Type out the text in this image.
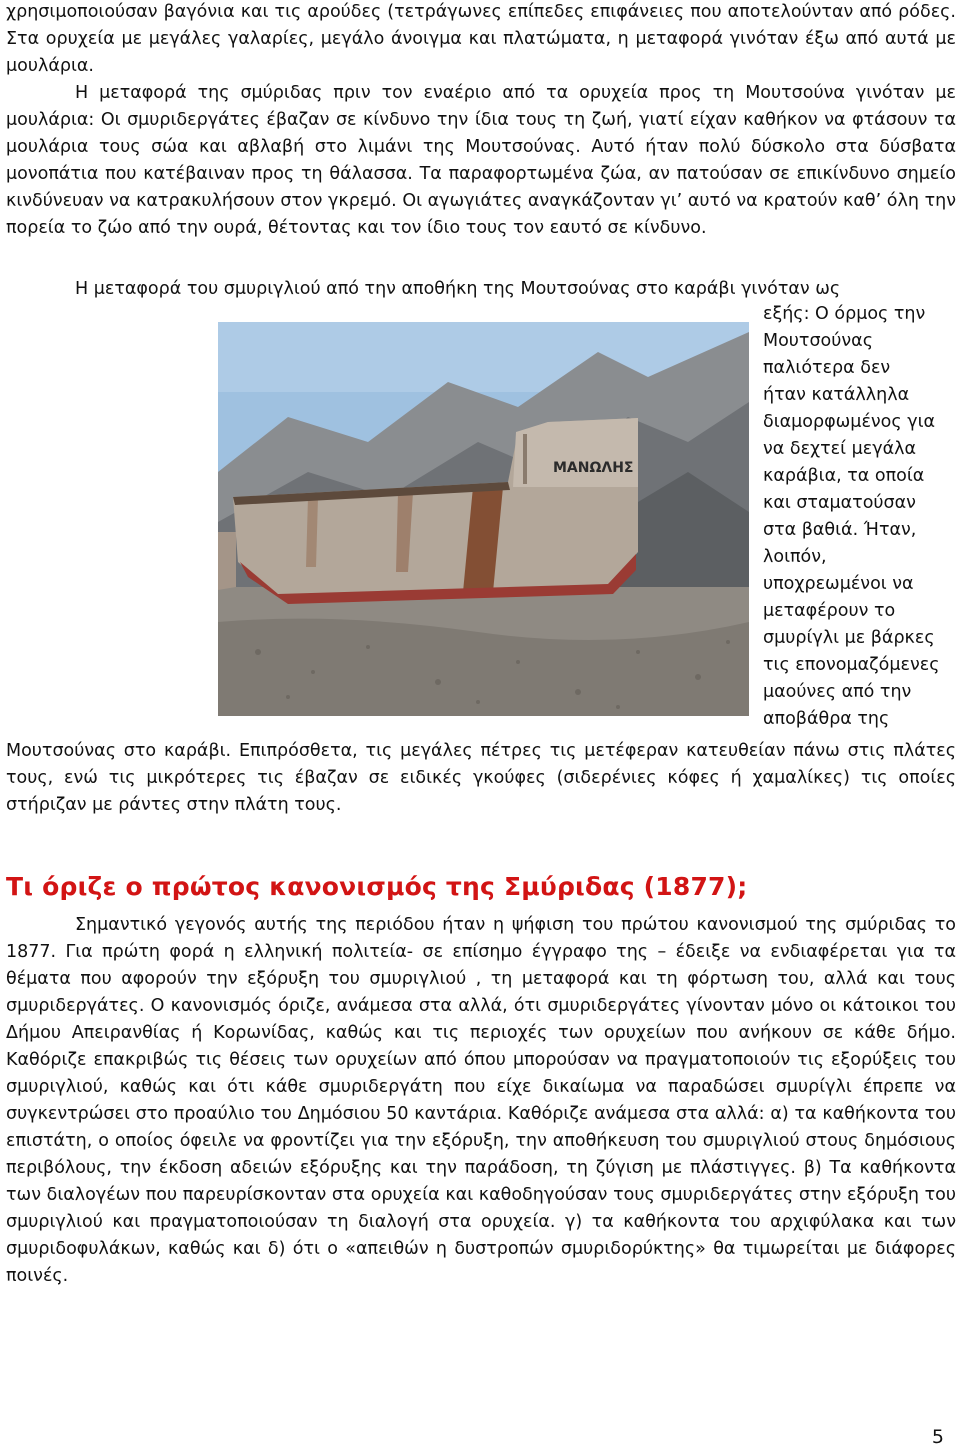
χρησιμοποιούσαν βαγόνια και τις αρούδες (τετράγωνες επίπεδες επιφάνειες που αποτελούνταν από ρόδες. Στα ορυχεία με μεγάλες γαλαρίες, μεγάλο άνοιγμα και πλατώματα, η μεταφορά γινόταν έξω από αυτά με μουλάρια.

Η μεταφορά της σμύριδας πριν τον εναέριο από τα ορυχεία προς τη Μουτσούνα γινόταν με μουλάρια: Οι σμυριδεργάτες έβαζαν σε κίνδυνο την ίδια τους τη ζωή, γιατί είχαν καθήκον να φτάσουν τα μουλάρια τους σώα και αβλαβή στο λιμάνι της Μουτσούνας. Αυτό ήταν πολύ δύσκολο στα δύσβατα μονοπάτια που κατέβαιναν προς τη θάλασσα. Τα παραφορτωμένα ζώα, αν πατούσαν σε επικίνδυνο σημείο κινδύνευαν να κατρακυλήσουν στον γκρεμό. Οι αγωγιάτες αναγκάζονταν γι’ αυτό να κρατούν καθ’ όλη την πορεία το ζώο από την ουρά, θέτοντας και τον ίδιο τους τον εαυτό σε κίνδυνο.

Η μεταφορά του σμυριγλιού από την αποθήκη της Μουτσούνας στο καράβι γινόταν ως

εξής: Ο όρμος την

Μουτσούνας

παλιότερα δεν

ήταν κατάλληλα

διαμορφωμένος για

να δεχτεί μεγάλα

καράβια, τα οποία

και σταματούσαν

στα βαθιά. Ήταν,

λοιπόν,

υποχρεωμένοι να

μεταφέρουν το

σμυρίγλι με βάρκες

τις επονομαζόμενες

μαούνες από την

αποβάθρα της

ΜΑΝΩΛΗΣ

Μουτσούνας στο καράβι. Επιπρόσθετα, τις μεγάλες πέτρες τις μετέφεραν κατευθείαν πάνω στις πλάτες τους, ενώ τις μικρότερες τις έβαζαν σε ειδικές γκούφες (σιδερένιες κόφες ή χαμαλίκες) τις οποίες στήριζαν με ράντες στην πλάτη τους.

Τι όριζε ο πρώτος κανονισμός της Σμύριδας (1877);

Σημαντικό γεγονός αυτής της περιόδου ήταν η ψήφιση του πρώτου κανονισμού της σμύριδας το 1877. Για πρώτη φορά η ελληνική πολιτεία- σε επίσημο έγγραφο της – έδειξε να ενδιαφέρεται για τα θέματα που αφορούν την εξόρυξη του σμυριγλιού , τη μεταφορά και τη φόρτωση του, αλλά και τους σμυριδεργάτες. Ο κανονισμός όριζε, ανάμεσα στα αλλά, ότι σμυριδεργάτες γίνονταν μόνο οι κάτοικοι του Δήμου Απειρανθίας ή Κορωνίδας, καθώς και τις περιοχές των ορυχείων που ανήκουν σε κάθε δήμο. Καθόριζε επακριβώς τις θέσεις των ορυχείων από όπου μπορούσαν να πραγματοποιούν τις εξορύξεις του σμυριγλιού, καθώς και ότι κάθε σμυριδεργάτη που είχε δικαίωμα να παραδώσει σμυρίγλι έπρεπε να συγκεντρώσει στο προαύλιο του Δημόσιου 50 καντάρια. Καθόριζε ανάμεσα στα αλλά: α) τα καθήκοντα του επιστάτη, ο οποίος όφειλε να φροντίζει για την εξόρυξη, την αποθήκευση του σμυριγλιού στους δημόσιους περιβόλους, την έκδοση αδειών εξόρυξης και την παράδοση, τη ζύγιση με πλάστιγγες. β) Τα καθήκοντα των διαλογέων που παρευρίσκονταν στα ορυχεία και καθοδηγούσαν τους σμυριδεργάτες στην εξόρυξη του σμυριγλιού και πραγματοποιούσαν τη διαλογή στα ορυχεία. γ) τα καθήκοντα του αρχιφύλακα και των σμυριδοφυλάκων, καθώς και δ) ότι ο «απειθών η δυστροπών σμυριδορύκτης» θα τιμωρείται με διάφορες ποινές.

5
